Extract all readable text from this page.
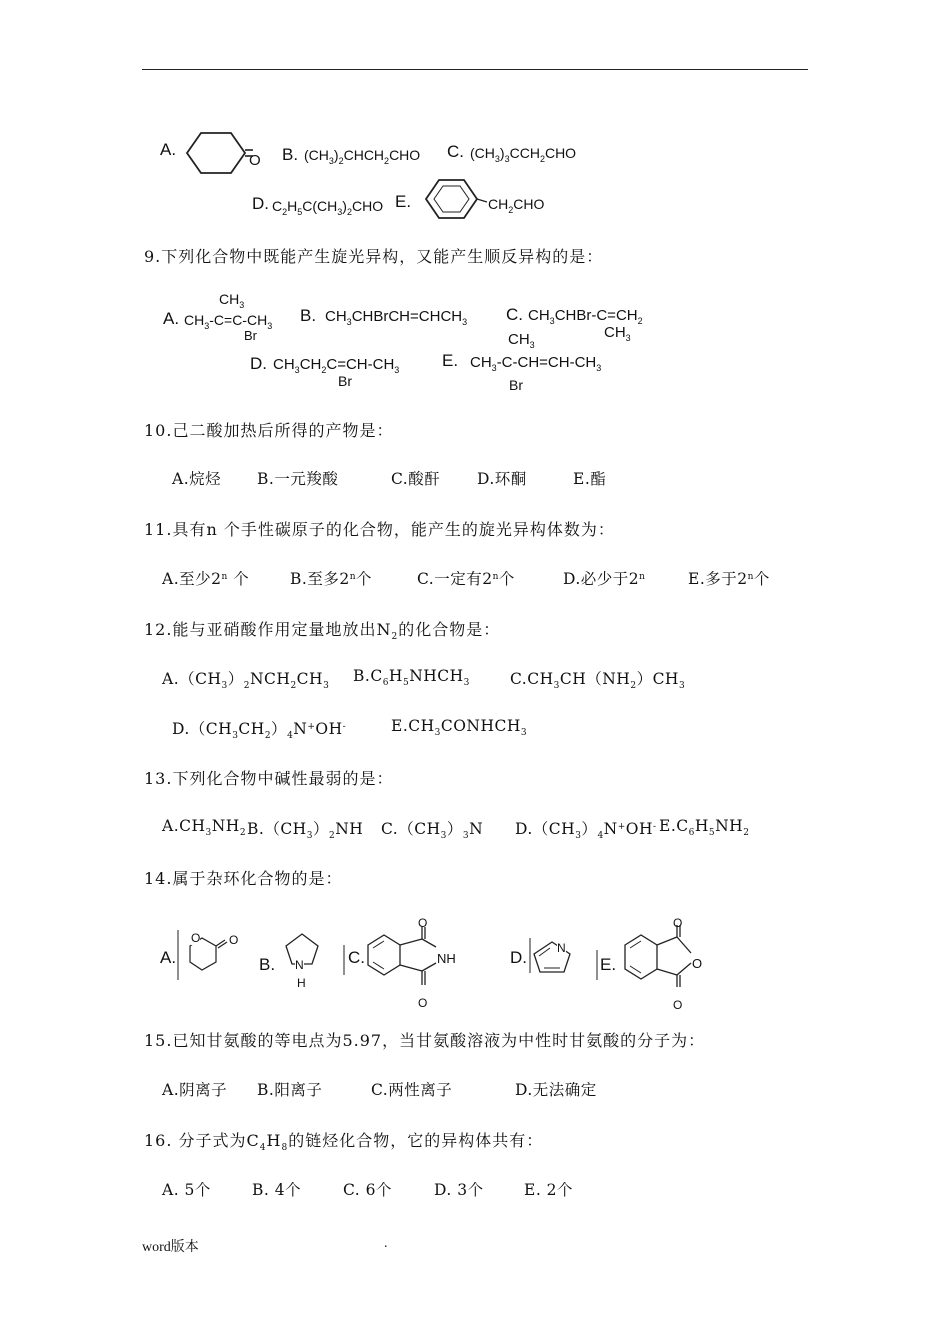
A.
O B. $(CH_3)_2CHCH_2CHO$ C. $(CH_3)_3CCH_2CHO$
D. $C_2H_5C(CH_3)_2CHO$ E.	$CH_2CHO$
9.下列化合物中既能产生旋光异构，又能产生顺反异构的是：
A.
$CH_3$
$CH_3-C=C-CH_3$
Br
B. $CH_3CHBrCH=CHCH_3$ C. $CH_3CHBr-C=CH_2$
$CH_3$
D. $CH_3CH_2C=CH-CH_3$
Br
E.
$CH_3$
$CH_3-C-CH=CH-CH_3$
Br
10.己二酸加热后所得的产物是：
A.烷烃 B.一元羧酸	C.酸酐 D.环酮	E.酯
11.具有n 个手性碳原子的化合物，能产生的旋光异构体数为：
A.至少2$^n$ 个	B.至多2$^n$个	C.一定有2$^n$个	D.必少于2$^n$	E.多于2$^n$个
12.能与亚硝酸作用定量地放出$N_2$的化合物是：
$A.(CH_3)_2NCH_2CH_3$
$B.C_6H_5NHCH_3$	$C.CH_3CH(NH_2)CH_3$
$D.(CH_3CH_2)_4N^+OH^-$	$E.CH_3CONHCH_3$
13.下列化合物中碱性最弱的是：
$A.CH_3NH_2$ $B.(CH_3)_2NH$ $C.(CH_3)_3N$ $D.(CH_3)_4N^+OH^-$ $E.C_6H_5NH_2$
14.属于杂环化合物的是：
A.
O O
B. N
H
C.
O
NH
O
D.	N
E.
O
O
O
15.已知甘氨酸的等电点为5.97，当甘氨酸溶液为中性时甘氨酸的分子为：
A.阴离子 B.阳离子	C.两性离子	D.无法确定
16. 分子式为$C_4H_8$的链烃化合物，它的异构体共有：
A. 5个	B. 4个	C. 6个	D. 3个	E. 2个
word版本	.
